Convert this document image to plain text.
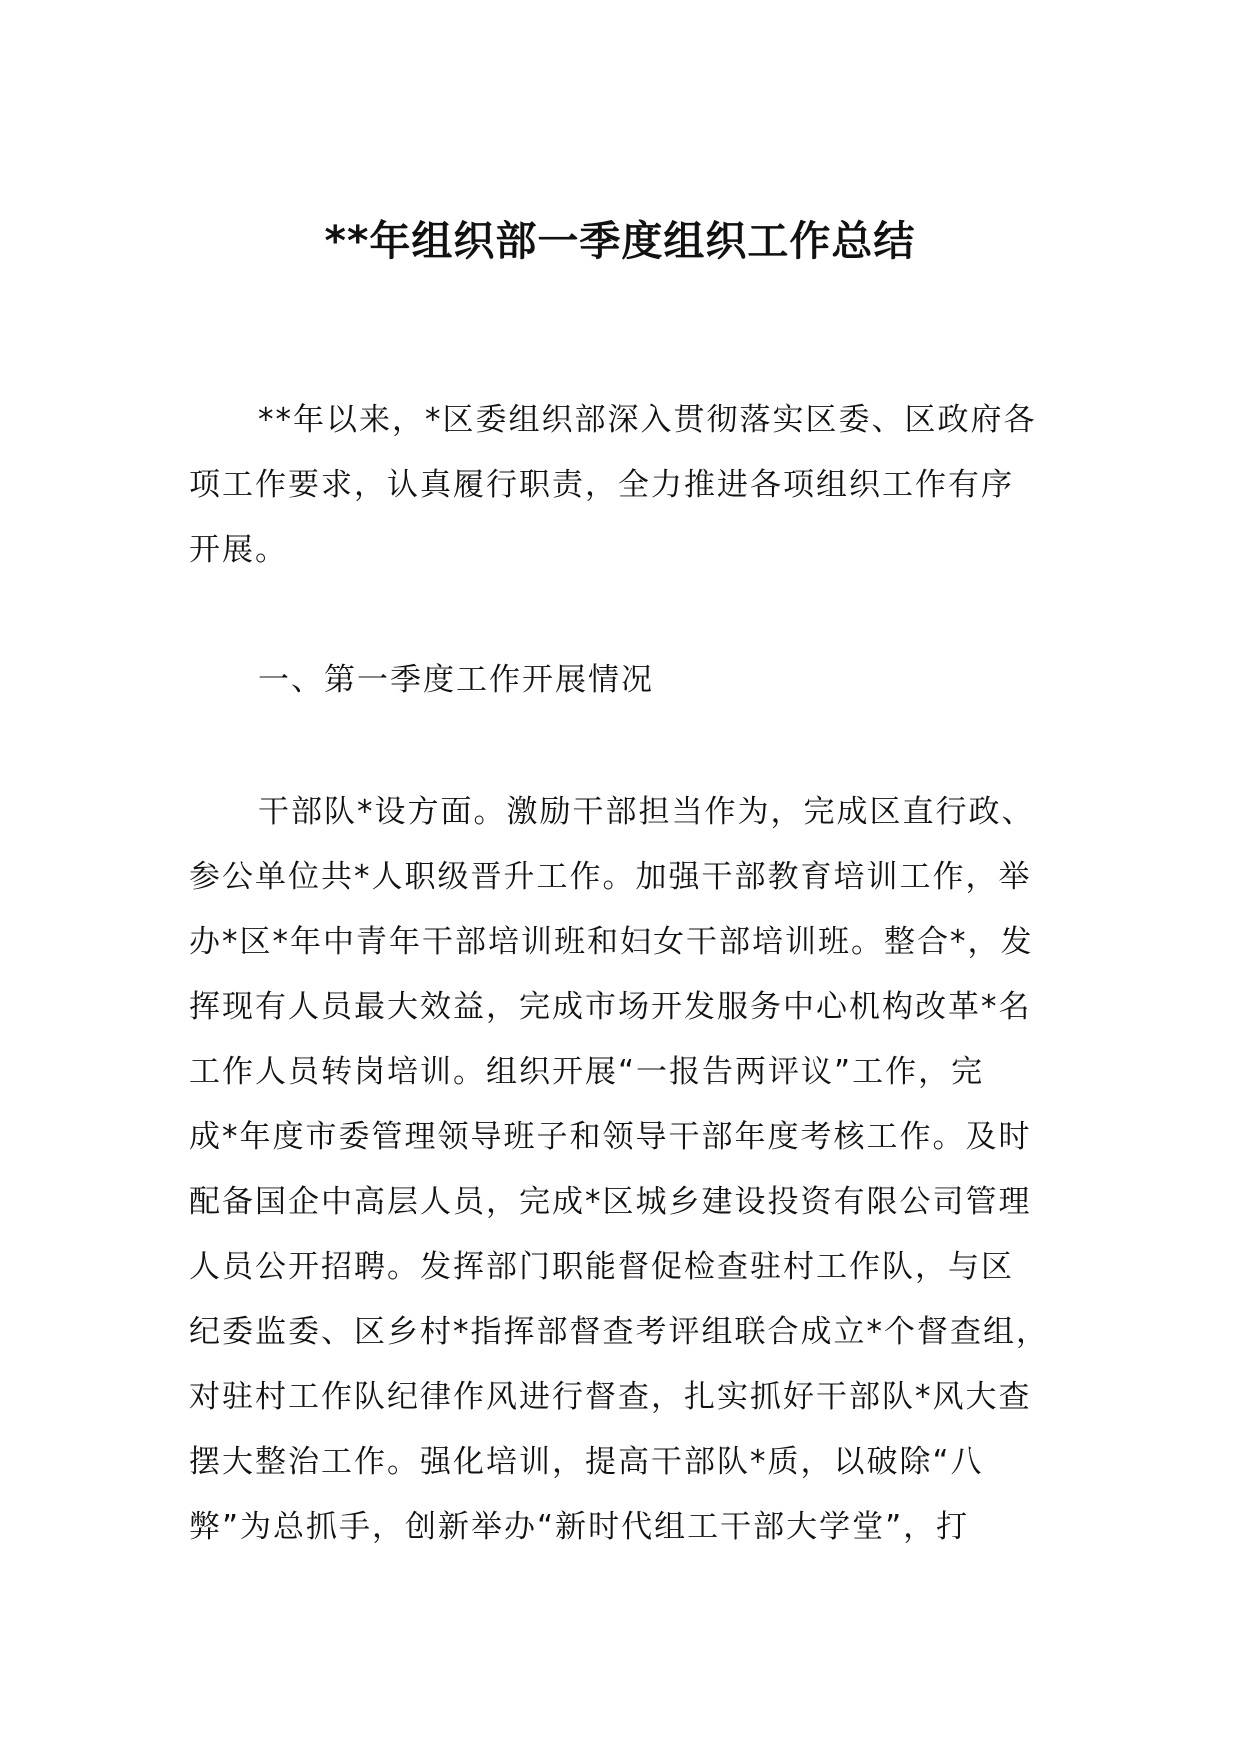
**年组织部一季度组织工作总结
**年以来，*区委组织部深入贯彻落实区委、区政府各
项工作要求，认真履行职责，全力推进各项组织工作有序
开展。
一、第一季度工作开展情况
干部队*设方面。激励干部担当作为，完成区直行政、
参公单位共*人职级晋升工作。加强干部教育培训工作，举
办*区*年中青年干部培训班和妇女干部培训班。整合*，发
挥现有人员最大效益，完成市场开发服务中心机构改革*名
工作人员转岗培训。组织开展“一报告两评议”工作，完
成*年度市委管理领导班子和领导干部年度考核工作。及时
配备国企中高层人员，完成*区城乡建设投资有限公司管理
人员公开招聘。发挥部门职能督促检查驻村工作队，与区
纪委监委、区乡村*指挥部督查考评组联合成立*个督查组，
对驻村工作队纪律作风进行督查，扎实抓好干部队*风大查
摆大整治工作。强化培训，提高干部队*质，以破除“八
弊”为总抓手，创新举办“新时代组工干部大学堂”，打
